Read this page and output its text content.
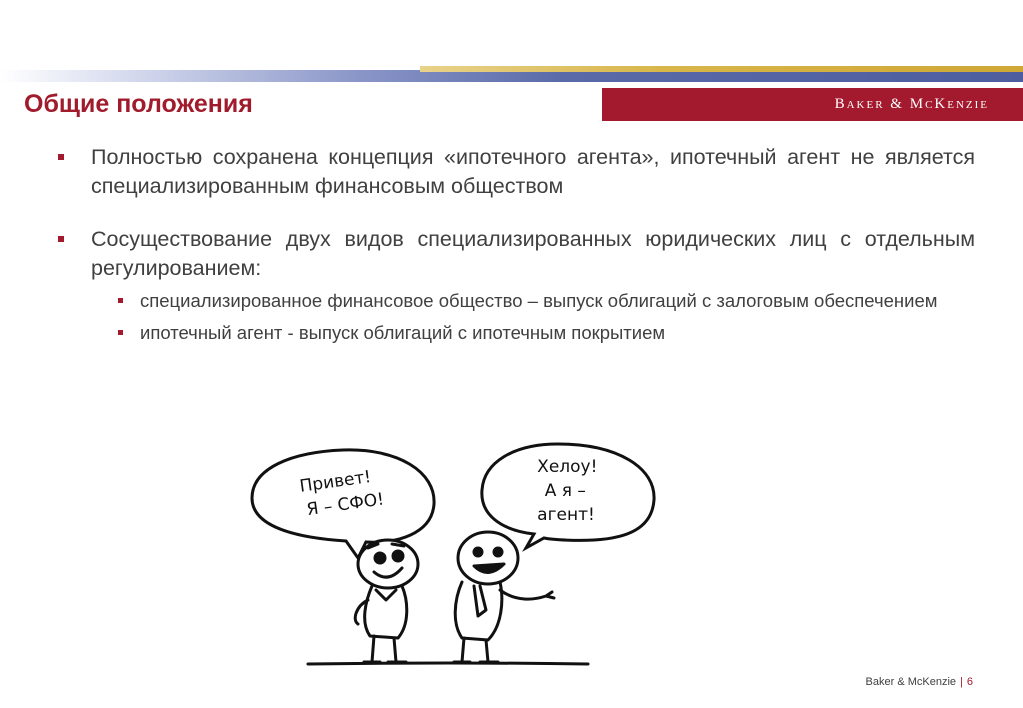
Общие положения	Baker & McKenzie
Полностью сохранена концепция «ипотечного агента», ипотечный агент не является специализированным финансовым обществом
Сосуществование двух видов специализированных юридических лиц с отдельным регулированием:
специализированное финансовое общество – выпуск облигаций с залоговым обеспечением
ипотечный агент - выпуск облигаций с ипотечным покрытием
Привет! Я – СФО!
Хелоу! А я – агент!
Baker & McKenzie | 6
